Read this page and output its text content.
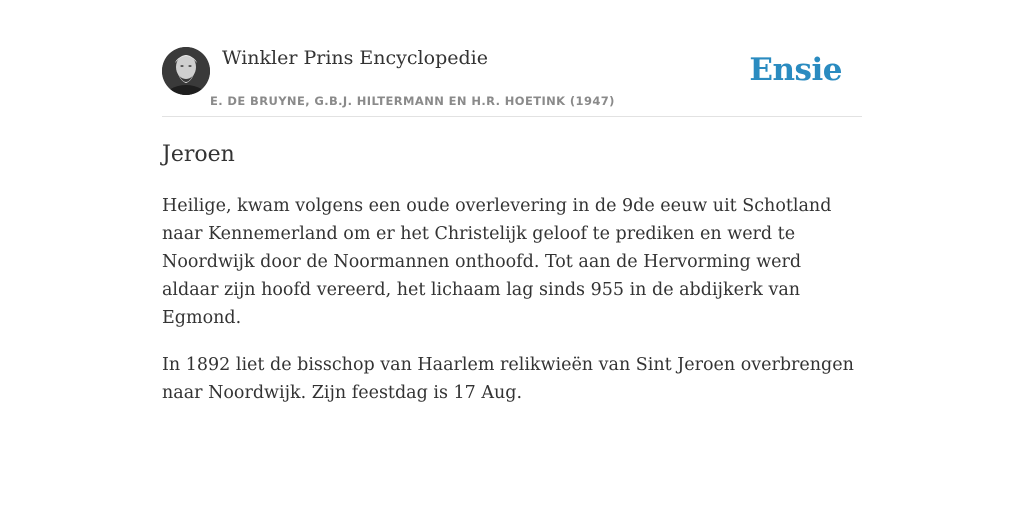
Winkler Prins Encyclopedie
E. DE BRUYNE, G.B.J. HILTERMANN EN H.R. HOETINK (1947)
Ensie
Jeroen

Heilige, kwam volgens een oude overlevering in de 9de eeuw uit Schotland naar Kennemerland om er het Christelijk geloof te prediken en werd te Noordwijk door de Noormannen onthoofd. Tot aan de Hervorming werd aldaar zijn hoofd vereerd, het lichaam lag sinds 955 in de abdijkerk van Egmond.

In 1892 liet de bisschop van Haarlem relikwieën van Sint Jeroen overbrengen naar Noordwijk. Zijn feestdag is 17 Aug.
